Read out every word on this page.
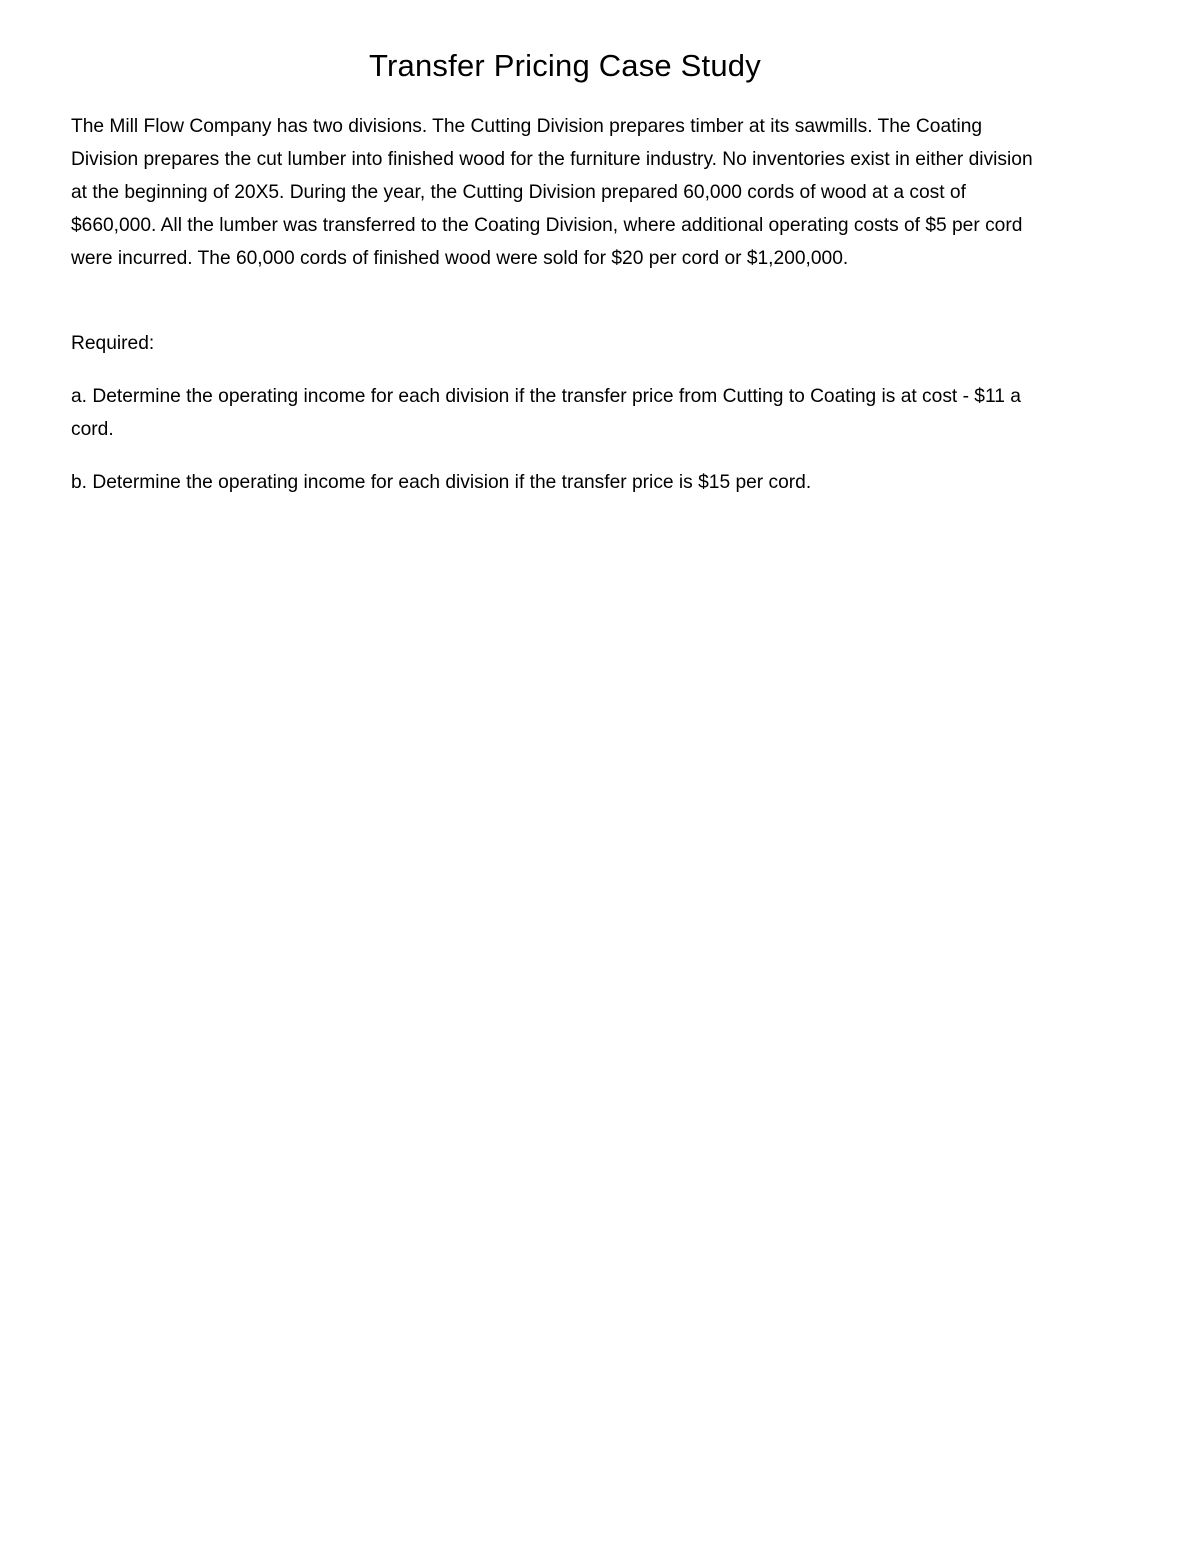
Transfer Pricing Case Study

The Mill Flow Company has two divisions. The Cutting Division prepares timber at its sawmills. The Coating Division prepares the cut lumber into finished wood for the furniture industry. No inventories exist in either division at the beginning of 20X5. During the year, the Cutting Division prepared 60,000 cords of wood at a cost of $660,000. All the lumber was transferred to the Coating Division, where additional operating costs of $5 per cord were incurred. The 60,000 cords of finished wood were sold for $20 per cord or $1,200,000.

Required:

a. Determine the operating income for each division if the transfer price from Cutting to Coating is at cost - $11 a cord.

b. Determine the operating income for each division if the transfer price is $15 per cord.
